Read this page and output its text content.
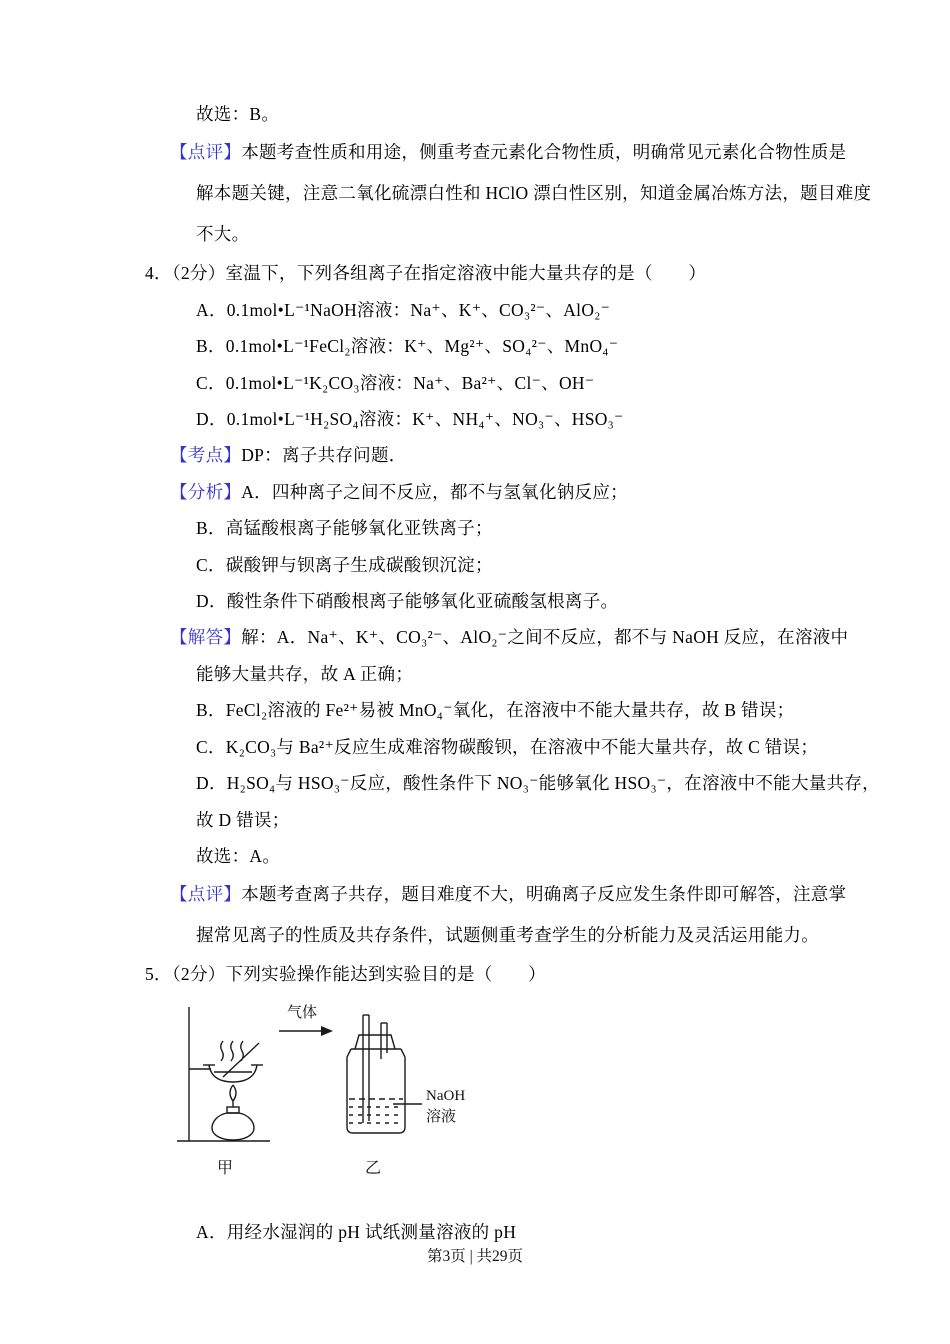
故选：B。
【点评】本题考查性质和用途，侧重考查元素化合物性质，明确常见元素化合物性质是
解本题关键，注意二氧化硫漂白性和 HClO 漂白性区别，知道金属冶炼方法，题目难度
不大。
4．（2分）室温下，下列各组离子在指定溶液中能大量共存的是（　　）
A．0.1mol•L⁻¹NaOH溶液：Na⁺、K⁺、CO₃²⁻、AlO₂⁻
B．0.1mol•L⁻¹FeCl₂溶液：K⁺、Mg²⁺、SO₄²⁻、MnO₄⁻
C．0.1mol•L⁻¹K₂CO₃溶液：Na⁺、Ba²⁺、Cl⁻、OH⁻
D．0.1mol•L⁻¹H₂SO₄溶液：K⁺、NH₄⁺、NO₃⁻、HSO₃⁻
【考点】DP：离子共存问题．
【分析】A．四种离子之间不反应，都不与氢氧化钠反应；
B．高锰酸根离子能够氧化亚铁离子；
C．碳酸钾与钡离子生成碳酸钡沉淀；
D．酸性条件下硝酸根离子能够氧化亚硫酸氢根离子。
【解答】解：A．Na⁺、K⁺、CO₃²⁻、AlO₂⁻之间不反应，都不与 NaOH 反应，在溶液中
能够大量共存，故 A 正确；
B．FeCl₂溶液的 Fe²⁺易被 MnO₄⁻氧化，在溶液中不能大量共存，故 B 错误；
C．K₂CO₃与 Ba²⁺反应生成难溶物碳酸钡，在溶液中不能大量共存，故 C 错误；
D．H₂SO₄与 HSO₃⁻反应，酸性条件下 NO₃⁻能够氧化 HSO₃⁻，在溶液中不能大量共存，
故 D 错误；
故选：A。
【点评】本题考查离子共存，题目难度不大，明确离子反应发生条件即可解答，注意掌
握常见离子的性质及共存条件，试题侧重考查学生的分析能力及灵活运用能力。
5．（2分）下列实验操作能达到实验目的是（　　）
气体
NaOH
溶液
甲	乙
A．用经水湿润的 pH 试纸测量溶液的 pH
第3页 | 共29页
